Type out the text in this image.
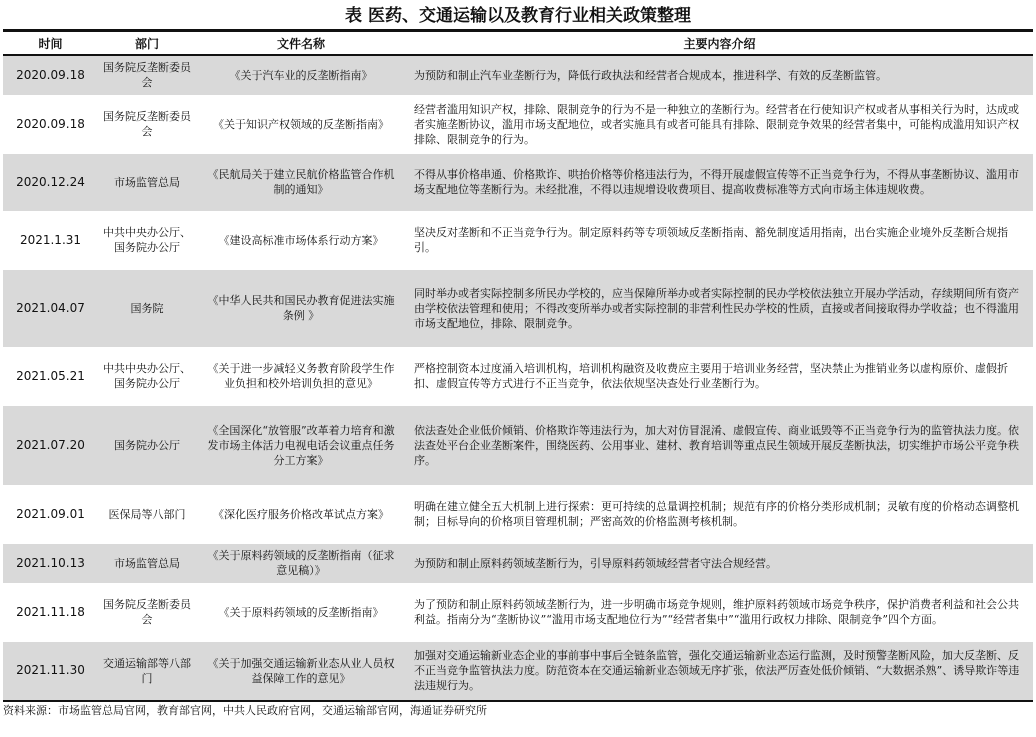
表 医药、交通运输以及教育行业相关政策整理
时间	部门	文件名称	主要内容介绍
2020.09.18	国务院反垄断委员会	《关于汽车业的反垄断指南》	为预防和制止汽车业垄断行为，降低行政执法和经营者合规成本，推进科学、有效的反垄断监管。
2020.09.18	国务院反垄断委员会	《关于知识产权领域的反垄断指南》	经营者滥用知识产权，排除、限制竞争的行为不是一种独立的垄断行为。经营者在行使知识产权或者从事相关行为时，达成或者实施垄断协议，滥用市场支配地位，或者实施具有或者可能具有排除、限制竞争效果的经营者集中，可能构成滥用知识产权排除、限制竞争的行为。
2020.12.24	市场监管总局	《民航局关于建立民航价格监管合作机制的通知》	不得从事价格串通、价格欺诈、哄抬价格等价格违法行为，不得开展虚假宣传等不正当竞争行为，不得从事垄断协议、滥用市场支配地位等垄断行为。未经批准，不得以违规增设收费项目、提高收费标准等方式向市场主体违规收费。
2021.1.31	中共中央办公厅、国务院办公厅	《建设高标准市场体系行动方案》	坚决反对垄断和不正当竞争行为。制定原料药等专项领域反垄断指南、豁免制度适用指南，出台实施企业境外反垄断合规指引。
2021.04.07	国务院	《中华人民共和国民办教育促进法实施条例 》	同时举办或者实际控制多所民办学校的，应当保障所举办或者实际控制的民办学校依法独立开展办学活动，存续期间所有资产由学校依法管理和使用；不得改变所举办或者实际控制的非营利性民办学校的性质，直接或者间接取得办学收益；也不得滥用市场支配地位，排除、限制竞争。
2021.05.21	中共中央办公厅、国务院办公厅	《关于进一步减轻义务教育阶段学生作业负担和校外培训负担的意见》	严格控制资本过度涌入培训机构，培训机构融资及收费应主要用于培训业务经营，坚决禁止为推销业务以虚构原价、虚假折扣、虚假宣传等方式进行不正当竞争，依法依规坚决查处行业垄断行为。
2021.07.20	国务院办公厅	《全国深化“放管服”改革着力培育和激发市场主体活力电视电话会议重点任务分工方案》	依法查处企业低价倾销、价格欺诈等违法行为，加大对仿冒混淆、虚假宣传、商业诋毁等不正当竞争行为的监管执法力度。依法查处平台企业垄断案件，围绕医药、公用事业、建材、教育培训等重点民生领域开展反垄断执法，切实维护市场公平竞争秩序。
2021.09.01	医保局等八部门	《深化医疗服务价格改革试点方案》	明确在建立健全五大机制上进行探索：更可持续的总量调控机制；规范有序的价格分类形成机制；灵敏有度的价格动态调整机制；目标导向的价格项目管理机制；严密高效的价格监测考核机制。
2021.10.13	市场监管总局	《关于原料药领域的反垄断指南（征求意见稿）》	为预防和制止原料药领域垄断行为，引导原料药领域经营者守法合规经营。
2021.11.18	国务院反垄断委员会	《关于原料药领域的反垄断指南》	为了预防和制止原料药领域垄断行为，进一步明确市场竞争规则，维护原料药领域市场竞争秩序，保护消费者利益和社会公共利益。指南分为“垄断协议”“滥用市场支配地位行为”“经营者集中”“滥用行政权力排除、限制竞争”四个方面。
2021.11.30	交通运输部等八部门	《关于加强交通运输新业态从业人员权益保障工作的意见》	加强对交通运输新业态企业的事前事中事后全链条监管，强化交通运输新业态运行监测，及时预警垄断风险，加大反垄断、反不正当竞争监管执法力度。防范资本在交通运输新业态领域无序扩张，依法严厉查处低价倾销、“大数据杀熟”、诱导欺诈等违法违规行为。
资料来源：市场监管总局官网，教育部官网，中共人民政府官网，交通运输部官网，海通证券研究所
